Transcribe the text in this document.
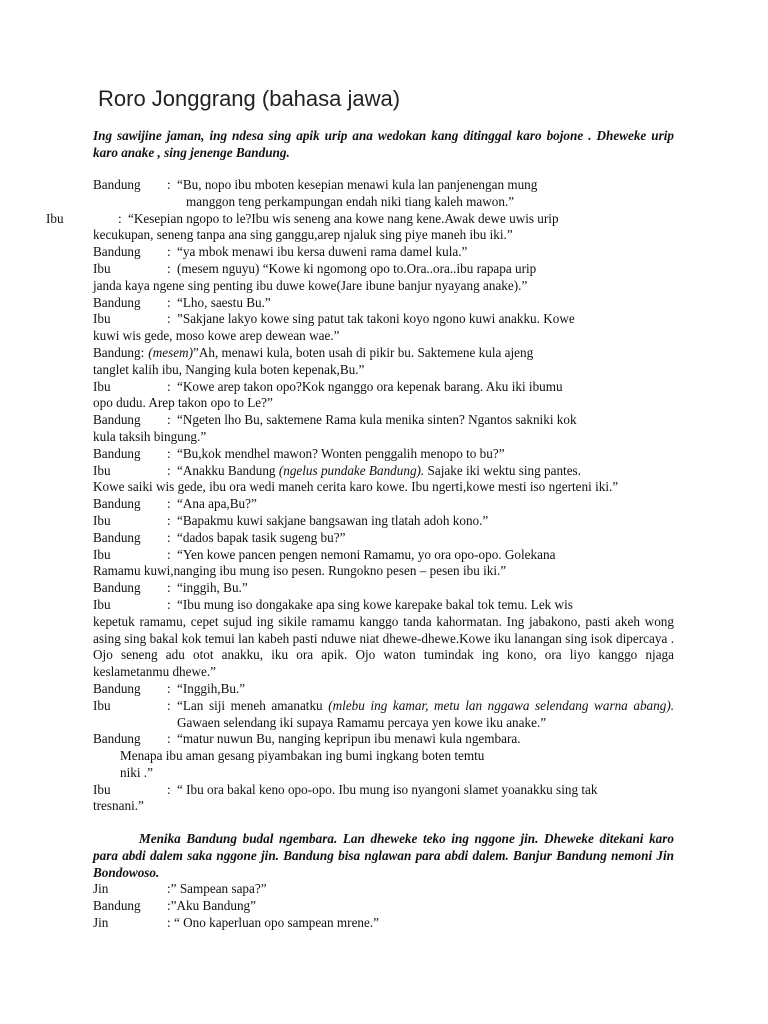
Roro Jonggrang (bahasa jawa)
Ing sawijine jaman, ing ndesa sing apik urip ana wedokan kang ditinggal karo bojone . Dheweke urip karo anake , sing jenenge Bandung.
Bandung	: “Bu, nopo ibu mboten kesepian menawi kula lan panjenengan mung
manggon teng perkampungan endah niki tiang kaleh mawon.”
Ibu	: “Kesepian ngopo to le?Ibu wis seneng ana kowe nang kene.Awak dewe uwis urip
kecukupan, seneng tanpa ana sing ganggu,arep njaluk sing piye maneh ibu iki.”
Bandung	: “ya mbok menawi ibu kersa duweni rama damel kula.”
Ibu	: (mesem nguyu) “Kowe ki ngomong opo to.Ora..ora..ibu rapapa urip
janda kaya ngene sing penting ibu duwe kowe(Jare ibune banjur nyayang anake).”
Bandung	: “Lho, saestu Bu.”
Ibu	: ”Sakjane lakyo kowe sing patut tak takoni koyo ngono kuwi anakku. Kowe
kuwi wis gede, moso kowe arep dewean wae.”
Bandung: (mesem)”Ah, menawi kula, boten usah di pikir bu. Saktemene kula ajeng
tanglet kalih ibu, Nanging kula boten kepenak,Bu.”
Ibu	: “Kowe arep takon opo?Kok nganggo ora kepenak barang. Aku iki ibumu
opo dudu. Arep takon opo to Le?”
Bandung	: “Ngeten lho Bu, saktemene Rama kula menika sinten? Ngantos sakniki kok
kula taksih bingung.”
Bandung	: “Bu,kok mendhel mawon? Wonten penggalih menopo to bu?”
Ibu	: “Anakku Bandung (ngelus pundake Bandung). Sajake iki wektu sing pantes.
Kowe saiki wis gede, ibu ora wedi maneh cerita karo kowe. Ibu ngerti,kowe mesti iso ngerteni iki.”
Bandung	: “Ana apa,Bu?”
Ibu	: “Bapakmu kuwi sakjane bangsawan ing tlatah adoh kono.”
Bandung	: “dados bapak tasik sugeng bu?”
Ibu	: “Yen kowe pancen pengen nemoni Ramamu, yo ora opo-opo. Golekana
Ramamu kuwi,nanging ibu mung iso pesen. Rungokno pesen – pesen ibu iki.”
Bandung	: “inggih, Bu.”
Ibu	: “Ibu mung iso dongakake apa sing kowe karepake bakal tok temu. Lek wis
kepetuk ramamu, cepet sujud ing sikile ramamu kanggo tanda kahormatan. Ing jabakono, pasti akeh wong asing sing bakal kok temui lan kabeh pasti nduwe niat dhewe-dhewe.Kowe iku lanangan sing isok dipercaya . Ojo seneng adu otot anakku, iku ora apik. Ojo waton tumindak ing kono, ora liyo kanggo njaga keslametanmu dhewe.”
Bandung	: “Inggih,Bu.”
Ibu	: “Lan siji meneh amanatku (mlebu ing kamar, metu lan nggawa selendang warna abang). Gawaen selendang iki supaya Ramamu percaya yen kowe iku anake.”
Bandung	: “matur nuwun Bu, nanging kepripun ibu menawi kula ngembara.
Menapa ibu aman gesang piyambakan ing bumi ingkang boten temtu
niki .”
Ibu	: “ Ibu ora bakal keno opo-opo. Ibu mung iso nyangoni slamet yoanakku sing tak
tresnani.”
Menika Bandung budal ngembara. Lan dheweke teko ing nggone jin. Dheweke ditekani karo para abdi dalem saka nggone jin. Bandung bisa nglawan para abdi dalem. Banjur Bandung nemoni Jin Bondowoso.
Jin	:” Sampean sapa?”
Bandung	:”Aku Bandung”
Jin	: “ Ono kaperluan opo sampean mrene.”
